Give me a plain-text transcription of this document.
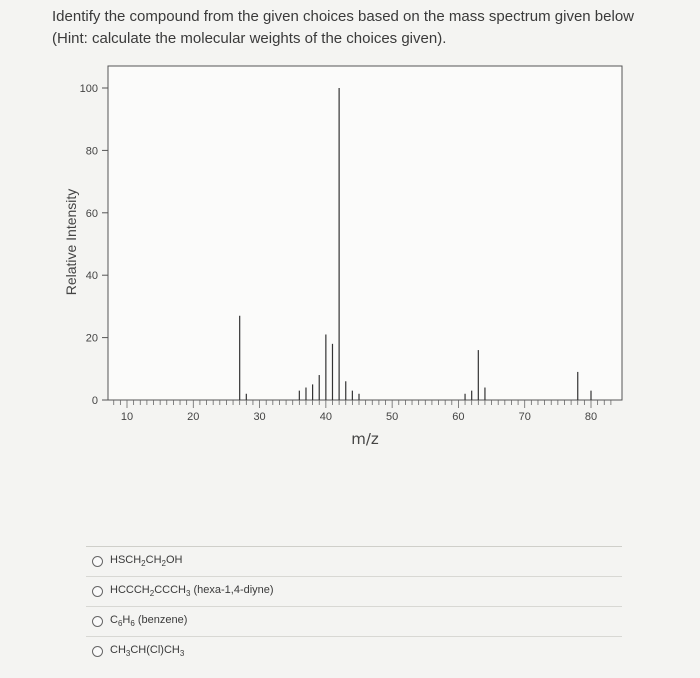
Identify the compound from the given choices based on the mass spectrum given below (Hint: calculate the molecular weights of the choices given).

0
20
40
60
80
100
10	20	30	40	50	60	70	80
m/z
Relative Intensity
$HSCH_2CH_2OH$
$HCCCH_2CCCH_3$ (hexa-1,4-diyne)
$C_6H_6$ (benzene)
$CH_3CH(Cl)CH_3$
